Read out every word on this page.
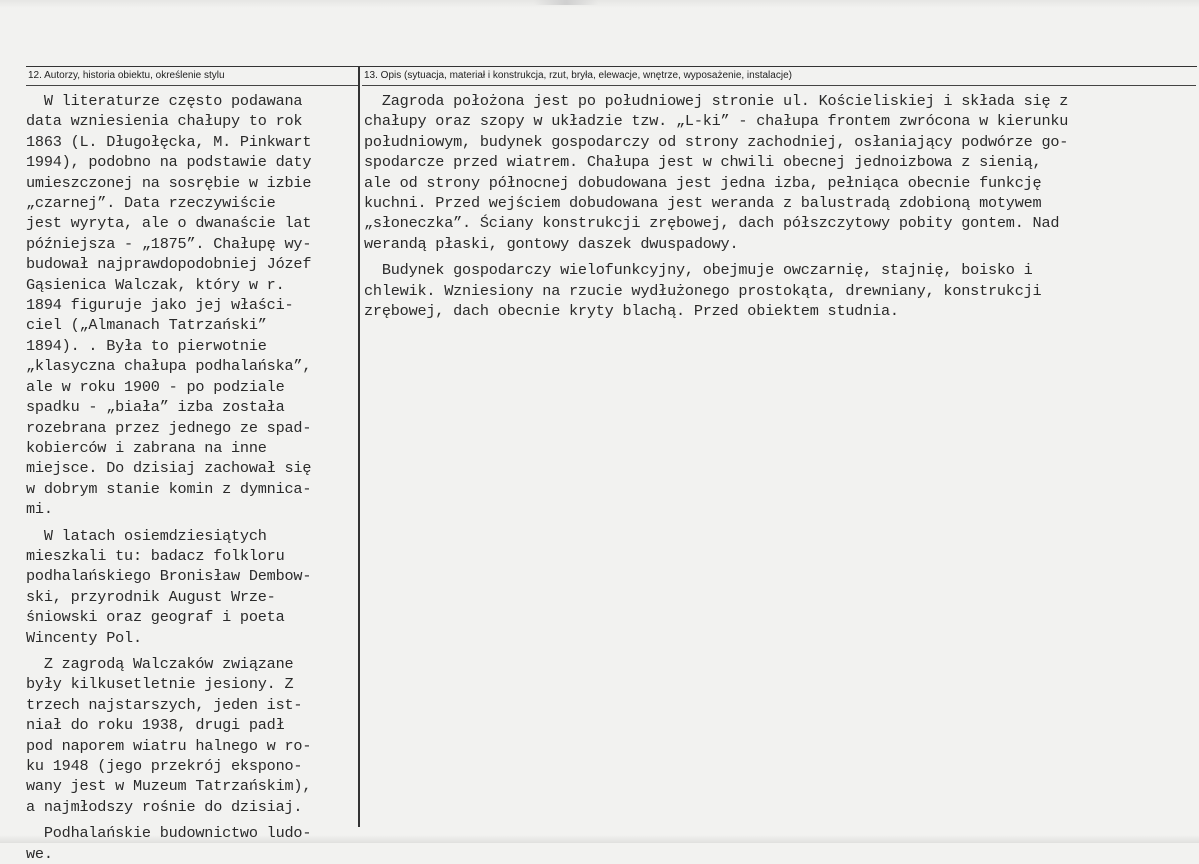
12. Autorzy, historia obiektu, określenie stylu
W literaturze często podawana
data wzniesienia chałupy to rok
1863 (L. Długołęcka, M. Pinkwart
1994), podobno na podstawie daty
umieszczonej na sosrębie w izbie
„czarnej”. Data rzeczywiście
jest wyryta, ale o dwanaście lat
późniejsza - „1875”. Chałupę wy-
budował najprawdopodobniej Józef
Gąsienica Walczak, który w r.
1894 figuruje jako jej właści-
ciel („Almanach Tatrzański”
1894). . Była to pierwotnie
„klasyczna chałupa podhalańska”,
ale w roku 1900 - po podziale
spadku - „biała” izba została
rozebrana przez jednego ze spad-
kobierców i zabrana na inne
miejsce. Do dzisiaj zachował się
w dobrym stanie komin z dymnica-
mi.
W latach osiemdziesiątych
mieszkali tu: badacz folkloru
podhalańskiego Bronisław Dembow-
ski, przyrodnik August Wrze-
śniowski oraz geograf i poeta
Wincenty Pol.
Z zagrodą Walczaków związane
były kilkusetletnie jesiony. Z
trzech najstarszych, jeden ist-
niał do roku 1938, drugi padł
pod naporem wiatru halnego w ro-
ku 1948 (jego przekrój ekspono-
wany jest w Muzeum Tatrzańskim),
a najmłodszy rośnie do dzisiaj.
Podhalańskie budownictwo ludo-
we.
13. Opis (sytuacja, materiał i konstrukcja, rzut, bryła, elewacje, wnętrze, wyposażenie, instalacje)
Zagroda położona jest po południowej stronie ul. Kościeliskiej i składa się z
chałupy oraz szopy w układzie tzw. „L-ki” - chałupa frontem zwrócona w kierunku
południowym, budynek gospodarczy od strony zachodniej, osłaniający podwórze go-
spodarcze przed wiatrem. Chałupa jest w chwili obecnej jednoizbowa z sienią,
ale od strony północnej dobudowana jest jedna izba, pełniąca obecnie funkcję
kuchni. Przed wejściem dobudowana jest weranda z balustradą zdobioną motywem
„słoneczka”. Ściany konstrukcji zrębowej, dach półszczytowy pobity gontem. Nad
werandą płaski, gontowy daszek dwuspadowy.
Budynek gospodarczy wielofunkcyjny, obejmuje owczarnię, stajnię, boisko i
chlewik. Wzniesiony na rzucie wydłużonego prostokąta, drewniany, konstrukcji
zrębowej, dach obecnie kryty blachą. Przed obiektem studnia.
